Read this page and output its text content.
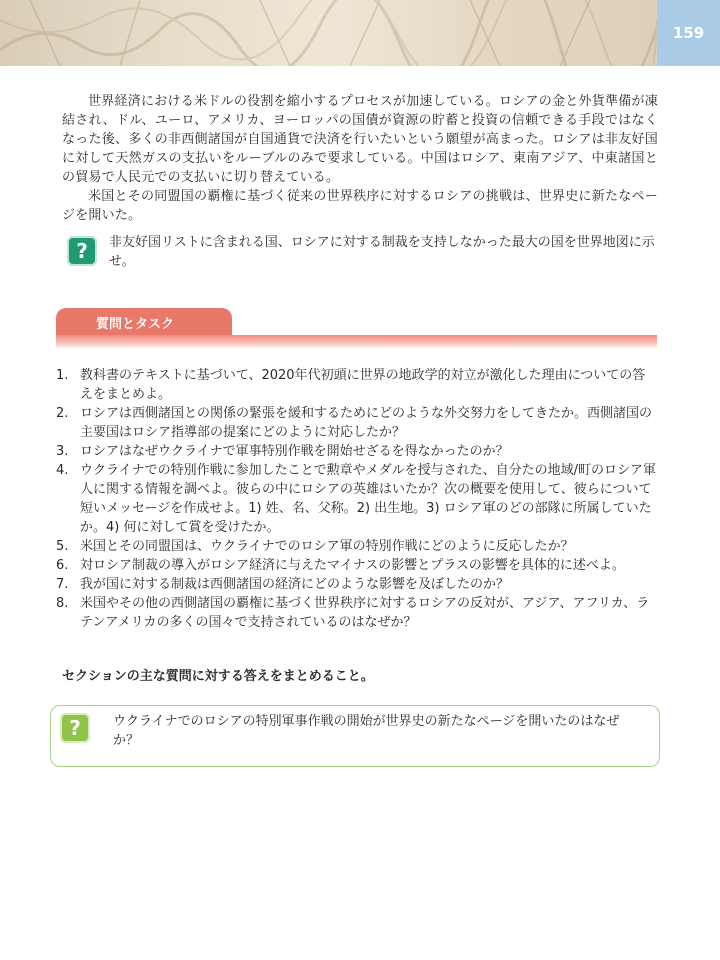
159

世界経済における米ドルの役割を縮小するプロセスが加速している。ロシアの金と外貨準備が凍結され、ドル、ユーロ、アメリカ、ヨーロッパの国債が資源の貯蓄と投資の信頼できる手段ではなくなった後、多くの非西側諸国が自国通貨で決済を行いたいという願望が高まった。ロシアは非友好国に対して天然ガスの支払いをルーブルのみで要求している。中国はロシア、東南アジア、中東諸国との貿易で人民元での支払いに切り替えている。

米国とその同盟国の覇権に基づく従来の世界秩序に対するロシアの挑戦は、世界史に新たなページを開いた。

?	非友好国リストに含まれる国、ロシアに対する制裁を支持しなかった最大の国を世界地図に示せ。
質問とタスク
1. 教科書のテキストに基づいて、2020年代初頭に世界の地政学的対立が激化した理由についての答えをまとめよ。
2. ロシアは西側諸国との関係の緊張を緩和するためにどのような外交努力をしてきたか。西側諸国の主要国はロシア指導部の提案にどのように対応したか？
3. ロシアはなぜウクライナで軍事特別作戦を開始せざるを得なかったのか？
4. ウクライナでの特別作戦に参加したことで勲章やメダルを授与された、自分たの地域/町のロシア軍人に関する情報を調べよ。彼らの中にロシアの英雄はいたか？次の概要を使用して、彼らについて短いメッセージを作成せよ。1) 姓、名、父称。2) 出生地。3) ロシア軍のどの部隊に所属していたか。4) 何に対して賞を受けたか。
5. 米国とその同盟国は、ウクライナでのロシア軍の特別作戦にどのように反応したか？
6. 対ロシア制裁の導入がロシア経済に与えたマイナスの影響とプラスの影響を具体的に述べよ。
7. 我が国に対する制裁は西側諸国の経済にどのような影響を及ぼしたのか？
8. 米国やその他の西側諸国の覇権に基づく世界秩序に対するロシアの反対が、アジア、アフリカ、ラテンアメリカの多くの国々で支持されているのはなぜか？
セクションの主な質問に対する答えをまとめること。
?	ウクライナでのロシアの特別軍事作戦の開始が世界史の新たなページを開いたのはなぜか？
